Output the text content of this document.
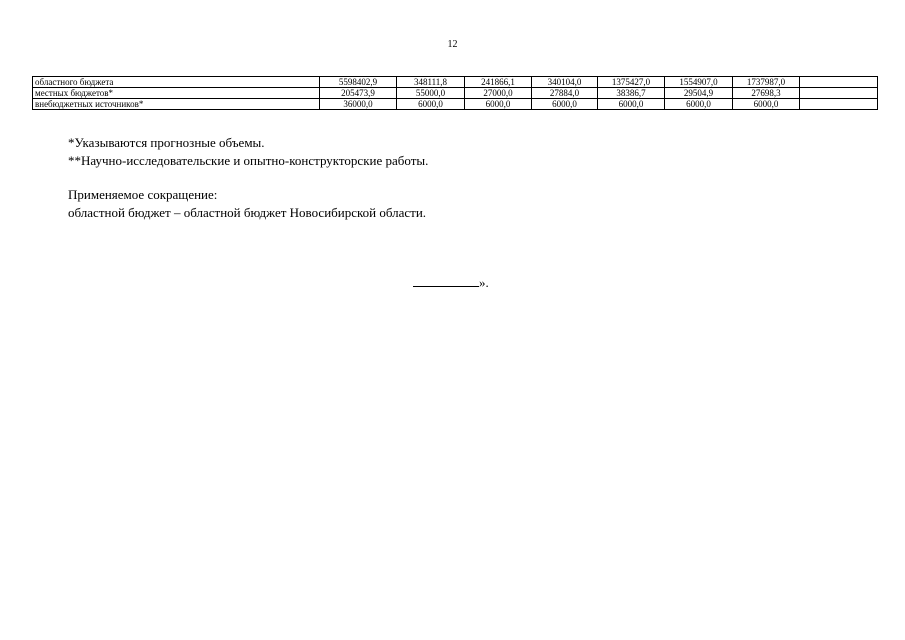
12
областного бюджета	5598402,9	348111,8	241866,1	340104,0	1375427,0	1554907,0	1737987,0	
местных бюджетов*	205473,9	55000,0	27000,0	27884,0	38386,7	29504,9	27698,3	
внебюджетных источников*	36000,0	6000,0	6000,0	6000,0	6000,0	6000,0	6000,0	
*Указываются прогнозные объемы.
**Научно-исследовательские и опытно-конструкторские работы.
Применяемое сокращение:
областной бюджет – областной бюджет Новосибирской области.
».
